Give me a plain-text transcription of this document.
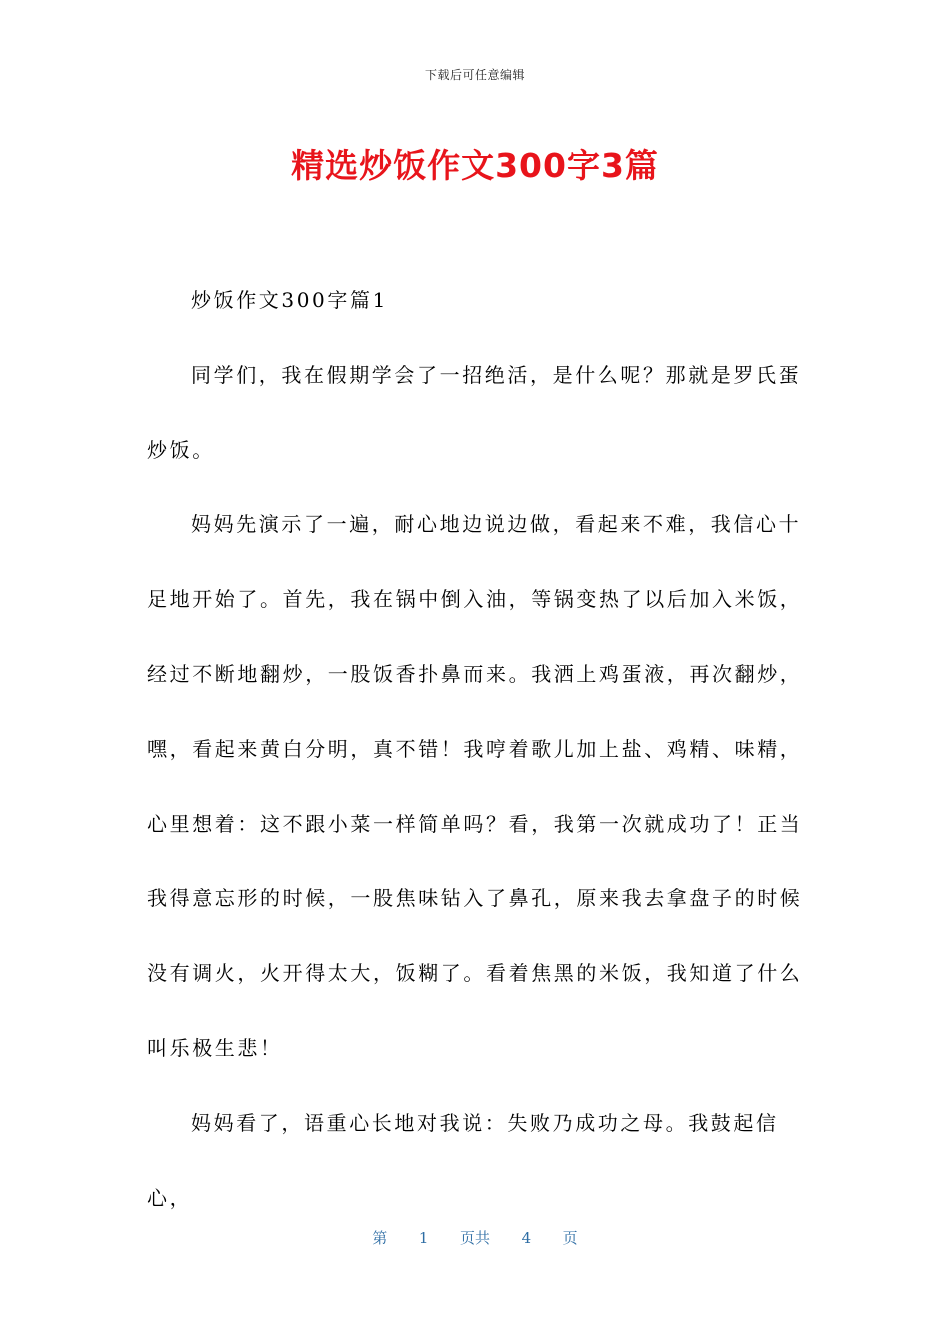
下载后可任意编辑
精选炒饭作文300字3篇

炒饭作文300字篇1

同学们，我在假期学会了一招绝活，是什么呢？那就是罗氏蛋炒饭。

妈妈先演示了一遍，耐心地边说边做，看起来不难，我信心十足地开始了。首先，我在锅中倒入油，等锅变热了以后加入米饭，经过不断地翻炒，一股饭香扑鼻而来。我洒上鸡蛋液，再次翻炒，嘿，看起来黄白分明，真不错！我哼着歌儿加上盐、鸡精、味精，心里想着：这不跟小菜一样简单吗？看，我第一次就成功了！正当我得意忘形的时候，一股焦味钻入了鼻孔，原来我去拿盘子的时候没有调火，火开得太大，饭糊了。看着焦黑的米饭，我知道了什么叫乐极生悲！

妈妈看了，语重心长地对我说：失败乃成功之母。我鼓起信心，

第 1 页共 4 页
